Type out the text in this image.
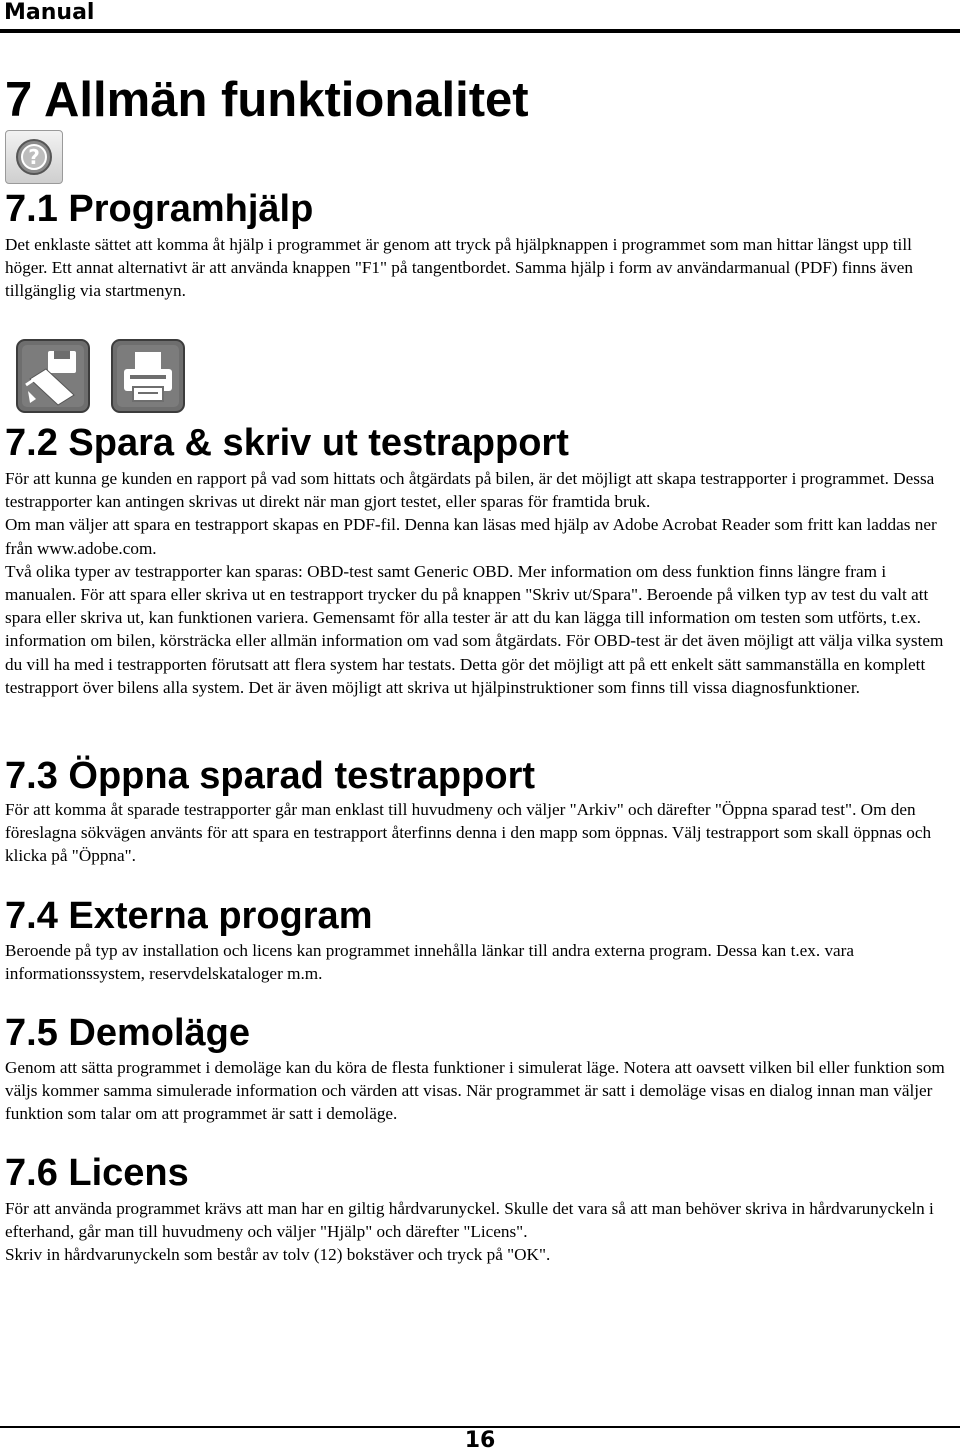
Manual
7 Allmän funktionalitet
?
7.1 Programhjälp

Det enklaste sättet att komma åt hjälp i programmet är genom att tryck på hjälpknappen i programmet som man hittar längst upp till höger. Ett annat alternativt är att använda knappen "F1" på tangentbordet. Samma hjälp i form av användarmanual (PDF) finns även tillgänglig via startmenyn.

7.2 Spara & skriv ut testrapport

För att kunna ge kunden en rapport på vad som hittats och åtgärdats på bilen, är det möjligt att skapa testrapporter i programmet. Dessa testrapporter kan antingen skrivas ut direkt när man gjort testet, eller sparas för framtida bruk.

Om man väljer att spara en testrapport skapas en PDF-fil. Denna kan läsas med hjälp av Adobe Acrobat Reader som fritt kan laddas ner från www.adobe.com.

Två olika typer av testrapporter kan sparas: OBD-test samt Generic OBD. Mer information om dess funktion finns längre fram i manualen. För att spara eller skriva ut en testrapport trycker du på knappen "Skriv ut/Spara". Beroende på vilken typ av test du valt att spara eller skriva ut, kan funktionen variera. Gemensamt för alla tester är att du kan lägga till information om testen som utförts, t.ex. information om bilen, körsträcka eller allmän information om vad som åtgärdats. För OBD-test är det även möjligt att välja vilka system du vill ha med i testrapporten förutsatt att flera system har testats. Detta gör det möjligt att på ett enkelt sätt sammanställa en komplett testrapport över bilens alla system. Det är även möjligt att skriva ut hjälpinstruktioner som finns till vissa diagnosfunktioner.

7.3 Öppna sparad testrapport

För att komma åt sparade testrapporter går man enklast till huvudmeny och väljer "Arkiv" och därefter "Öppna sparad test". Om den föreslagna sökvägen använts för att spara en testrapport återfinns denna i den mapp som öppnas. Välj testrapport som skall öppnas och klicka på "Öppna".

7.4 Externa program

Beroende på typ av installation och licens kan programmet innehålla länkar till andra externa program. Dessa kan t.ex. vara informationssystem, reservdelskataloger m.m.

7.5 Demoläge

Genom att sätta programmet i demoläge kan du köra de flesta funktioner i simulerat läge. Notera att oavsett vilken bil eller funktion som väljs kommer samma simulerade information och värden att visas. När programmet är satt i demoläge visas en dialog innan man väljer funktion som talar om att programmet är satt i demoläge.

7.6 Licens

För att använda programmet krävs att man har en giltig hårdvarunyckel. Skulle det vara så att man behöver skriva in hårdvarunyckeln i efterhand, går man till huvudmeny och väljer "Hjälp" och därefter "Licens".

Skriv in hårdvarunyckeln som består av tolv (12) bokstäver och tryck på "OK".

16
